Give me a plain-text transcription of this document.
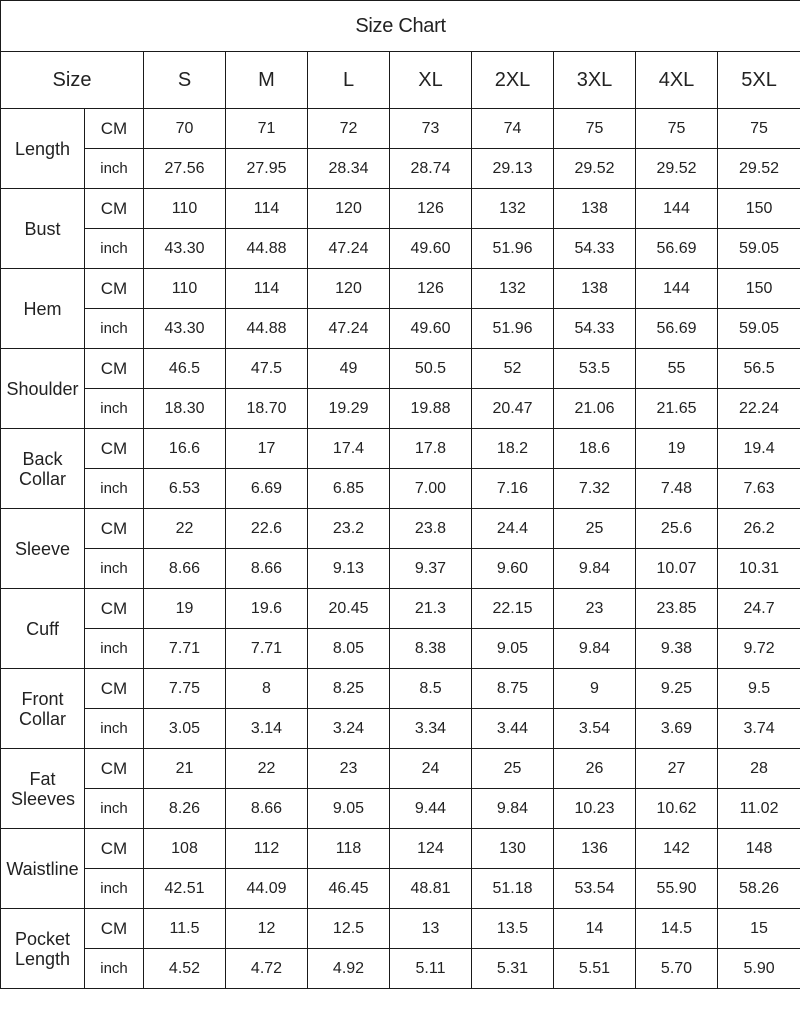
Size Chart									
Size		S	M	L	XL	2XL	3XL	4XL	5XL
Length	CM	70	71	72	73	74	75	75	75
	inch	27.56	27.95	28.34	28.74	29.13	29.52	29.52	29.52
Bust	CM	110	114	120	126	132	138	144	150
	inch	43.30	44.88	47.24	49.60	51.96	54.33	56.69	59.05
Hem	CM	110	114	120	126	132	138	144	150
	inch	43.30	44.88	47.24	49.60	51.96	54.33	56.69	59.05
Shoulder	CM	46.5	47.5	49	50.5	52	53.5	55	56.5
	inch	18.30	18.70	19.29	19.88	20.47	21.06	21.65	22.24
Back Collar	CM	16.6	17	17.4	17.8	18.2	18.6	19	19.4
	inch	6.53	6.69	6.85	7.00	7.16	7.32	7.48	7.63
Sleeve	CM	22	22.6	23.2	23.8	24.4	25	25.6	26.2
	inch	8.66	8.66	9.13	9.37	9.60	9.84	10.07	10.31
Cuff	CM	19	19.6	20.45	21.3	22.15	23	23.85	24.7
	inch	7.71	7.71	8.05	8.38	9.05	9.84	9.38	9.72
Front Collar	CM	7.75	8	8.25	8.5	8.75	9	9.25	9.5
	inch	3.05	3.14	3.24	3.34	3.44	3.54	3.69	3.74
Fat Sleeves	CM	21	22	23	24	25	26	27	28
	inch	8.26	8.66	9.05	9.44	9.84	10.23	10.62	11.02
Waistline	CM	108	112	118	124	130	136	142	148
	inch	42.51	44.09	46.45	48.81	51.18	53.54	55.90	58.26
Pocket Length	CM	11.5	12	12.5	13	13.5	14	14.5	15
	inch	4.52	4.72	4.92	5.11	5.31	5.51	5.70	5.90
